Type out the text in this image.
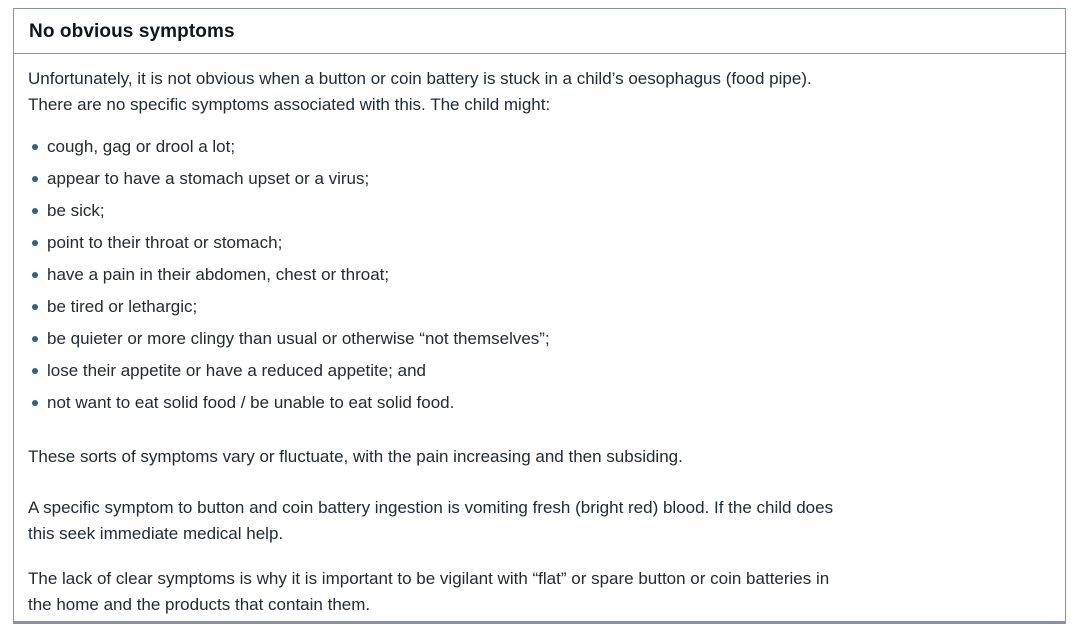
No obvious symptoms
Unfortunately, it is not obvious when a button or coin battery is stuck in a child’s oesophagus (food pipe).
There are no specific symptoms associated with this. The child might:
cough, gag or drool a lot;
appear to have a stomach upset or a virus;
be sick;
point to their throat or stomach;
have a pain in their abdomen, chest or throat;
be tired or lethargic;
be quieter or more clingy than usual or otherwise “not themselves”;
lose their appetite or have a reduced appetite; and
not want to eat solid food / be unable to eat solid food.
These sorts of symptoms vary or fluctuate, with the pain increasing and then subsiding.
A specific symptom to button and coin battery ingestion is vomiting fresh (bright red) blood. If the child does
this seek immediate medical help.
The lack of clear symptoms is why it is important to be vigilant with “flat” or spare button or coin batteries in
the home and the products that contain them.
